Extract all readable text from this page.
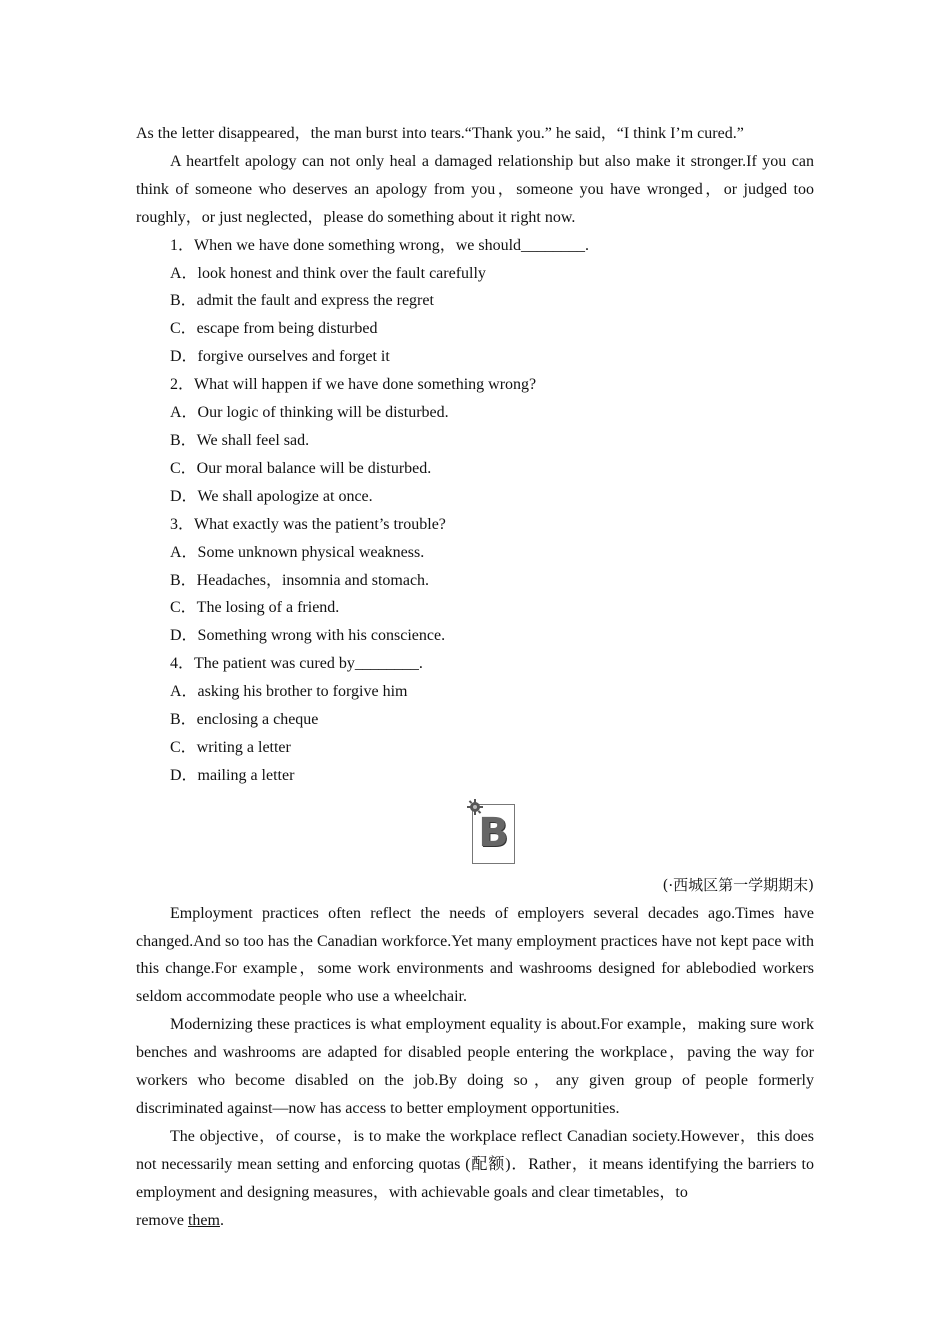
As the letter disappeared，the man burst into tears.“Thank you.” he said，“I think I’m cured.”

A heartfelt apology can not only heal a damaged relationship but also make it stronger.If you can think of someone who deserves an apology from you，someone you have wronged，or judged too roughly，or just neglected，please do something about it right now.

1．When we have done something wrong，we should________.

A．look honest and think over the fault carefully

B．admit the fault and express the regret

C．escape from being disturbed

D．forgive ourselves and forget it

2．What will happen if we have done something wrong?

A．Our logic of thinking will be disturbed.

B．We shall feel sad.

C．Our moral balance will be disturbed.

D．We shall apologize at once.

3．What exactly was the patient’s trouble?

A．Some unknown physical weakness.

B．Headaches，insomnia and stomach.

C．The losing of a friend.

D．Something wrong with his conscience.

4．The patient was cured by________.

A．asking his brother to forgive him

B．enclosing a cheque

C．writing a letter

D．mailing a letter

B

(·西城区第一学期期末)

Employment practices often reflect the needs of employers several decades ago.Times have changed.And so too has the Canadian workforce.Yet many employment practices have not kept pace with this change.For example，some work environments and washrooms designed for ablebodied workers seldom accommodate people who use a wheelchair.

Modernizing these practices is what employment equality is about.For example，making sure work benches and washrooms are adapted for disabled people entering the workplace，paving the way for workers who become disabled on the job.By doing so，any given group of people formerly discriminated against—now has access to better employment opportunities.

The objective，of course，is to make the workplace reflect Canadian society.However，this does not necessarily mean setting and enforcing quotas (配额)．Rather，it means identifying the barriers to employment and designing measures，with achievable goals and clear timetables，to

remove them.
